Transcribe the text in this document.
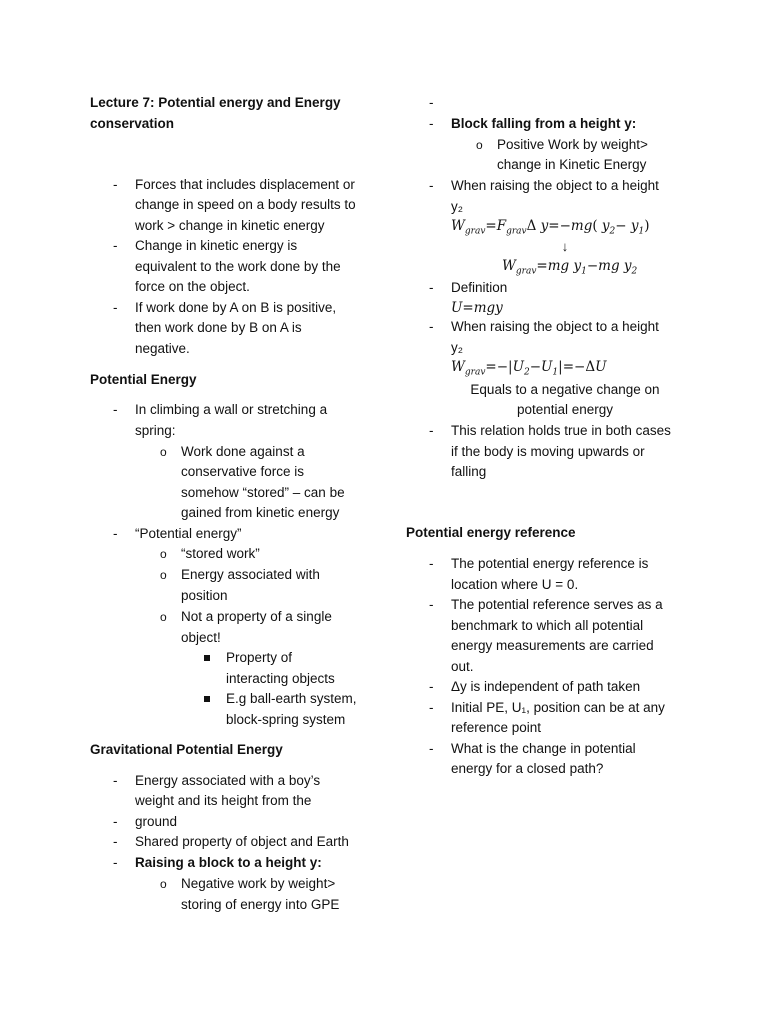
Lecture 7: Potential energy and Energy
conservation
- Forces that includes displacement or
change in speed on a body results to
work > change in kinetic energy
- Change in kinetic energy is
equivalent to the work done by the
force on the object.
- If work done by A on B is positive,
then work done by B on A is
negative.
Potential Energy
- In climbing a wall or stretching a
spring:
o Work done against a
conservative force is
somehow “stored” – can be
gained from kinetic energy
- “Potential energy”
o “stored work”
o Energy associated with
position
o Not a property of a single
object!
Property of
interacting objects
E.g ball-earth system,
block-spring system
Gravitational Potential Energy
- Energy associated with a boy’s
weight and its height from the
- ground
- Shared property of object and Earth
- Raising a block to a height y:
o Negative work by weight>
storing of energy into GPE
-
- Block falling from a height y:
o Positive Work by weight>
change in Kinetic Energy
- When raising the object to a height
y₂
$W_{grav}=F_{grav}\Delta$ y=−mg( $y_2- y_1$)
↓
$W_{grav}=mg$ $y_1-mg$ $y_2$
- Definition
U=mgy
- When raising the object to a height
y₂
$W_{grav}=-|U_2-U_1|=-\Delta U$
Equals to a negative change on
potential energy
- This relation holds true in both cases
if the body is moving upwards or
falling
Potential energy reference
- The potential energy reference is
location where U = 0.
- The potential reference serves as a
benchmark to which all potential
energy measurements are carried
out.
- Δy is independent of path taken
- Initial PE, U₁, position can be at any
reference point
- What is the change in potential
energy for a closed path?
